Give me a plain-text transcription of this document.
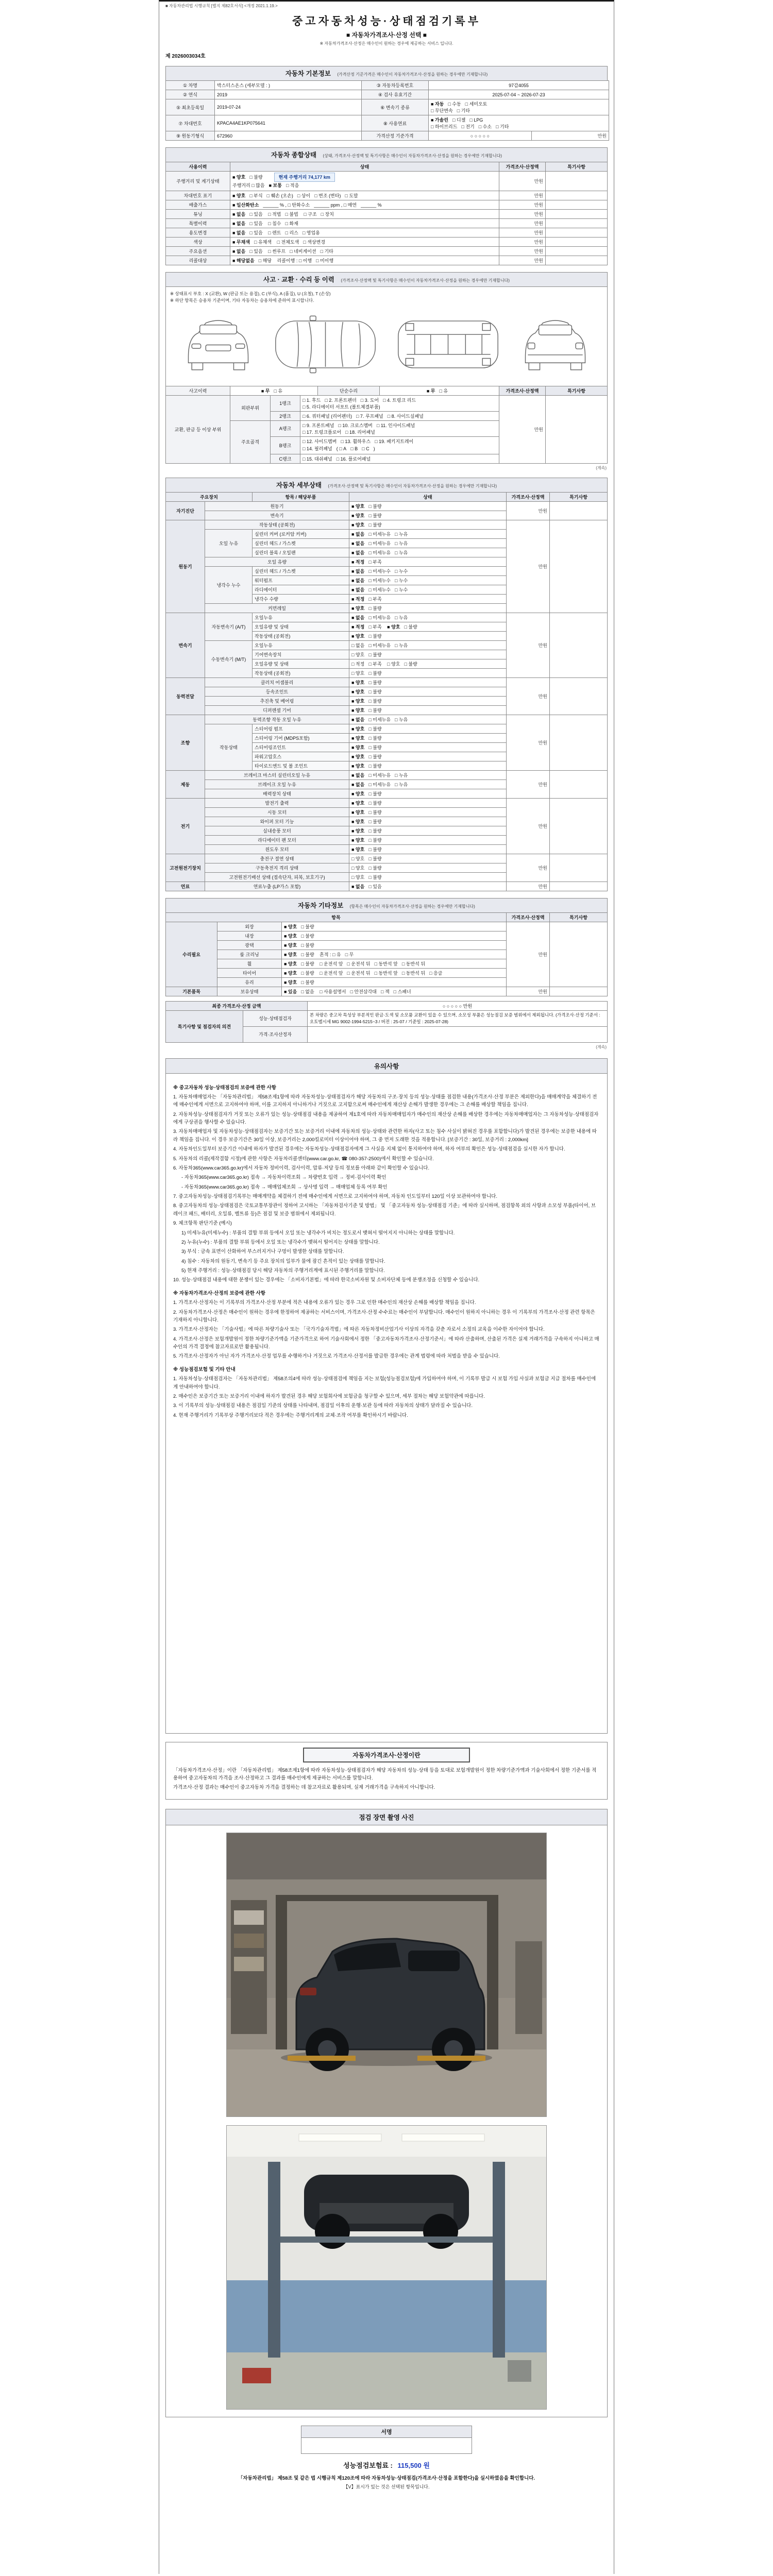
■ 자동차관리법 시행규칙 [별지 제82호서식] <개정 2021.1.19.>
중고자동차성능·상태점검기록부
■ 자동차가격조사·산정 선택 ■
※ 자동차가격조사·산정은 매수인이 원하는 경우에 제공하는 서비스 입니다.
제 2026003034호
자동차 기본정보 (가격산정 기준가격은 매수인이 자동차가격조사·산정을 원하는 경우에만 기재합니다)
① 차명	박스터스온스 (세부모델 : )	③ 자동차등록번호	97감4055	
② 연식	2019	④ 검사 유효기간	2025-07-04 ~ 2026-07-23	
⑤ 최초등록일	2019-07-24	⑥ 변속기 종류	■ 자동 □ 수동 □ 세미오토
□ 무단변속 □ 기타	
⑦ 차대번호	KPACA4AE1KP075641	⑧ 사용연료	■ 가솔린 □ 디젤 □ LPG
□ 하이브리드 □ 전기 □ 수소 □ 기타	
⑨ 원동기형식	672960	가격산정 기준가격	○ ○ ○ ○ ○	만원
자동차 종합상태 (상태, 가격조사·산정액 및 특기사항은 매수인이 자동차가격조사·산정을 원하는 경우에만 기재합니다)
사용이력	상태	가격조사·산정액	특기사항
주행거리 및 계기상태	■ 양호 □ 불량 현재 주행거리 74,177 km
주행거리 □ 많음 ■ 보통 □ 적음	만원	
차대번호 표기	■ 양호 □ 부식 □ 훼손 (오손) □ 상이 □ 변조 (변타) □ 도말	만원	
배출가스	■ 일산화탄소 ______ % , □ 탄화수소 ______ ppm , □ 매연 ______ %	만원	
튜닝	■ 없음 □ 있음 □ 적법 □ 불법 □ 구조 □ 장치	만원	
특별이력	■ 없음 □ 있음 □ 침수 □ 화재	만원	
용도변경	■ 없음 □ 있음 □ 렌트 □ 리스 □ 영업용	만원	
색상	■ 무채색 □ 유채색 □ 전체도색 □ 색상변경	만원	
주요옵션	■ 없음 □ 있음 □ 썬루프 □ 네비게이션 □ 기타	만원	
리콜대상	■ 해당없음 □ 해당 리콜이행 : □ 이행 □ 미이행	만원	
사고 · 교환 · 수리 등 이력 (가격조사·산정액 및 특기사항은 매수인이 자동차가격조사·산정을 원하는 경우에만 기재합니다)
※ 상태표시 부호 : X (교환), W (판금 또는 용접), C (부식), A (흠집), U (요철), T (손상)
※ 하단 항목은 승용차 기준이며, 기타 자동차는 승용차에 준하여 표시합니다.
사고이력	■ 무 □ 유	단순수리	■ 무 □ 유	가격조사·산정액	특기사항
교환, 판금 등 이상 부위	외판부위	1랭크	□ 1. 후드 □ 2. 프론트펜더 □ 3. 도어 □ 4. 트렁크 리드
□ 5. 라디에이터 서포트 (볼트체결부품)	만원	
		2랭크	□ 6. 쿼터패널 (리어펜더) □ 7. 루프패널 □ 8. 사이드실패널		
	주요골격	A랭크	□ 9. 프론트패널 □ 10. 크로스멤버 □ 11. 인사이드패널
□ 17. 트렁크플로어 □ 18. 리어패널		
		B랭크	□ 12. 사이드멤버 □ 13. 휠하우스 □ 19. 패키지트레이
□ 14. 필러패널 ( □ A □ B □ C )		

		C랭크	□ 15. 대쉬패널 □ 16. 플로어패널		
(계속)
자동차 세부상태 (가격조사·산정액 및 특기사항은 매수인이 자동차가격조사·산정을 원하는 경우에만 기재합니다)
주요장치		항목 / 해당부품	상태	가격조사·산정액	특기사항
자기진단	원동기		■ 양호 □ 불량	만원	
	변속기		■ 양호 □ 불량		
원동기	작동상태 (공회전)		■ 양호 □ 불량	만원	
	오일 누유	실린더 커버 (로커암 커버)	■ 없음 □ 미세누유 □ 누유		
		실린더 헤드 / 가스켓	■ 없음 □ 미세누유 □ 누유		
		실린더 블록 / 오일팬	■ 없음 □ 미세누유 □ 누유		
	오일 유량		■ 적정 □ 부족		
	냉각수 누수	실린더 헤드 / 가스켓	■ 없음 □ 미세누수 □ 누수		
		워터펌프	■ 없음 □ 미세누수 □ 누수		
		라디에이터	■ 없음 □ 미세누수 □ 누수		
		냉각수 수량	■ 적정 □ 부족		
	커먼레일		■ 양호 □ 불량		
변속기	자동변속기 (A/T)	오일누유	■ 없음 □ 미세누유 □ 누유	만원	
		오일유량 및 상태	■ 적정 □ 부족 ■ 양호 □ 불량		
		작동상태 (공회전)	■ 양호 □ 불량		
	수동변속기 (M/T)	오일누유	□ 없음 □ 미세누유 □ 누유		
		기어변속장치	□ 양호 □ 불량		
		오일유량 및 상태	□ 적정 □ 부족 □ 양호 □ 불량		
		작동상태 (공회전)	□ 양호 □ 불량		
동력전달	클러치 어셈블리		■ 양호 □ 불량	만원	
	등속조인트		■ 양호 □ 불량		
	추진축 및 베어링		■ 양호 □ 불량		
	디퍼렌셜 기어		■ 양호 □ 불량		
조향	동력조향 작동 오일 누유		■ 없음 □ 미세누유 □ 누유	만원	
	작동상태	스티어링 펌프	■ 양호 □ 불량		
		스티어링 기어 (MDPS포함)	■ 양호 □ 불량		
		스티어링조인트	■ 양호 □ 불량		
		파워고압호스	■ 양호 □ 불량		
		타이로드엔드 및 볼 조인트	■ 양호 □ 불량		
제동	브레이크 마스터 실린더오일 누유		■ 없음 □ 미세누유 □ 누유	만원	
	브레이크 오일 누유		■ 없음 □ 미세누유 □ 누유		
	배력장치 상태		■ 양호 □ 불량		
전기	발전기 출력		■ 양호 □ 불량	만원	
	시동 모터		■ 양호 □ 불량		
	와이퍼 모터 기능		■ 양호 □ 불량		
	실내송풍 모터		■ 양호 □ 불량		
	라디에이터 팬 모터		■ 양호 □ 불량		
	윈도우 모터		■ 양호 □ 불량		
고전원전기장치	충전구 절연 상태		□ 양호 □ 불량	만원	
	구동축전지 격리 상태		□ 양호 □ 불량		
	고전원전기배선 상태 (접속단자, 피복, 보호기구)		□ 양호 □ 불량		
연료	연료누출 (LP가스 포함)		■ 없음 □ 있음	만원	
자동차 기타정보 (항목은 매수인이 자동차가격조사·산정을 원하는 경우에만 기재합니다)
항목			가격조사·산정액	특기사항
수리필요	외장	■ 양호 □ 불량	만원	
	내장	■ 양호 □ 불량		
	광택	■ 양호 □ 불량		
	룸 크리닝	■ 양호 □ 불량 흔적 : □ 유 □ 무		
	휠	■ 양호 □ 불량 □ 운전석 앞 □ 운전석 뒤 □ 동반석 앞 □ 동반석 뒤		
	타이어	■ 양호 □ 불량 □ 운전석 앞 □ 운전석 뒤 □ 동반석 앞 □ 동반석 뒤 □ 응급		
	유리	■ 양호 □ 불량		
기본품목	보유상태	■ 있음 □ 없음 □ 사용설명서 □ 안전삼각대 □ 잭 □ 스패너	만원	
최종 가격조사·산정 금액		○ ○ ○ ○ ○ 만원
특기사항 및 점검자의 의견	성능·상태점검자	본 차량은 중고차 특성상 부분적인 판금·도색 및 소모품 교환이 있을 수 있으며, 소모성 부품은 성능점검 보증 범위에서 제외됩니다. (가격조사·산정 기준서 : 오토벨시세 MG 9002-1994-5215~3 / 버전 : 25-07 / 기준일 : 2025-07-28)
	가격·조사산정자	
(계속)
유의사항

※ 중고자동차 성능·상태점검의 보증에 관한 사항

1. 자동차매매업자는 「자동차관리법」 제58조제1항에 따라 자동차성능·상태점검자가 해당 자동차의 구조·장치 등의 성능·상태를 점검한 내용(가격조사·산정 부분은 제외한다)을 매매계약을 체결하기 전에 매수인에게 서면으로 고지하여야 하며, 이를 고지하지 아니하거나 거짓으로 고지함으로써 매수인에게 재산상 손해가 발생한 경우에는 그 손해를 배상할 책임을 집니다.

2. 자동차성능·상태점검자가 거짓 또는 오류가 있는 성능·상태점검 내용을 제공하여 제1호에 따라 자동차매매업자가 매수인의 재산상 손해를 배상한 경우에는 자동차매매업자는 그 자동차성능·상태점검자에게 구상권을 행사할 수 있습니다.

3. 자동차매매업자 및 자동차성능·상태점검자는 보증기간 또는 보증거리 이내에 자동차의 성능·상태와 관련한 하자(사고 또는 침수 사실이 밝혀진 경우를 포함합니다)가 발견된 경우에는 보증한 내용에 따라 책임을 집니다. 이 경우 보증기간은 30일 이상, 보증거리는 2,000킬로미터 이상이어야 하며, 그 중 먼저 도래한 것을 적용합니다. [보증기간 : 30일, 보증거리 : 2,000km]

4. 자동차인도일부터 보증기간 이내에 하자가 발견된 경우에는 자동차성능·상태점검자에게 그 사실을 지체 없이 통지하여야 하며, 하자 여부의 확인은 성능·상태점검을 실시한 자가 합니다.

5. 자동차의 리콜(제작결함 시정)에 관한 사항은 자동차리콜센터(www.car.go.kr, ☎ 080-357-2500)에서 확인할 수 있습니다.

6. 자동차365(www.car365.go.kr)에서 자동차 정비이력, 검사이력, 압류·저당 등의 정보를 아래와 같이 확인할 수 있습니다.

- 자동차365(www.car365.go.kr) 접속 → 자동차이력조회 → 차량번호 입력 → 정비·검사이력 확인

- 자동차365(www.car365.go.kr) 접속 → 매매업체조회 → 상사명 입력 → 매매업체 등록 여부 확인

7. 중고자동차성능·상태점검기록부는 매매계약을 체결하기 전에 매수인에게 서면으로 고지하여야 하며, 자동차 인도일부터 120일 이상 보관하여야 합니다.

8. 중고자동차의 성능·상태점검은 국토교통부장관이 정하여 고시하는 「자동차검사기준 및 방법」 및 「중고자동차 성능·상태점검 기준」에 따라 실시하며, 점검항목 외의 사항과 소모성 부품(타이어, 브레이크 패드, 배터리, 오일류, 벨트류 등)은 점검 및 보증 범위에서 제외됩니다.

9. 체크항목 판단기준 (예시)

1) 미세누유(미세누수) : 부품의 결합 부위 등에서 오일 또는 냉각수가 비치는 정도로서 맺혀서 떨어지지 아니하는 상태를 말합니다.

2) 누유(누수) : 부품의 결합 부위 등에서 오일 또는 냉각수가 맺혀서 떨어지는 상태를 말합니다.

3) 부식 : 금속 표면이 산화하여 부스러지거나 구멍이 발생한 상태를 말합니다.

4) 침수 : 자동차의 원동기, 변속기 등 주요 장치의 일부가 물에 잠긴 흔적이 있는 상태를 말합니다.

5) 현재 주행거리 : 성능·상태점검 당시 해당 자동차의 주행거리계에 표시된 주행거리를 말합니다.

10. 성능·상태점검 내용에 대한 분쟁이 있는 경우에는 「소비자기본법」에 따라 한국소비자원 및 소비자단체 등에 분쟁조정을 신청할 수 있습니다.

※ 자동차가격조사·산정의 보증에 관한 사항

1. 가격조사·산정자는 이 기록부의 가격조사·산정 부분에 적은 내용에 오류가 있는 경우 그로 인한 매수인의 재산상 손해를 배상할 책임을 집니다.

2. 자동차가격조사·산정은 매수인이 원하는 경우에 한정하여 제공하는 서비스이며, 가격조사·산정 수수료는 매수인이 부담합니다. 매수인이 원하지 아니하는 경우 이 기록부의 가격조사·산정 관련 항목은 기재하지 아니합니다.

3. 가격조사·산정자는 「기술사법」에 따른 차량기술사 또는 「국가기술자격법」에 따른 자동차정비산업기사 이상의 자격을 갖춘 자로서 소정의 교육을 이수한 자이어야 합니다.

4. 가격조사·산정은 보험개발원이 정한 차량기준가액을 기준가격으로 하여 기술사회에서 정한 「중고자동차가격조사·산정기준서」에 따라 산출하며, 산출된 가격은 실제 거래가격을 구속하지 아니하고 매수인의 가격 결정에 참고자료로만 활용됩니다.

5. 가격조사·산정자가 아닌 자가 가격조사·산정 업무를 수행하거나 거짓으로 가격조사·산정서를 발급한 경우에는 관계 법령에 따라 처벌을 받을 수 있습니다.

※ 성능점검보험 및 기타 안내

1. 자동차성능·상태점검자는 「자동차관리법」 제58조의4에 따라 성능·상태점검에 책임을 지는 보험(성능점검보험)에 가입하여야 하며, 이 기록부 발급 시 보험 가입 사실과 보험금 지급 절차를 매수인에게 안내하여야 합니다.

2. 매수인은 보증기간 또는 보증거리 이내에 하자가 발견된 경우 해당 보험회사에 보험금을 청구할 수 있으며, 세부 절차는 해당 보험약관에 따릅니다.

3. 이 기록부의 성능·상태점검 내용은 점검일 기준의 상태를 나타내며, 점검일 이후의 운행·보관 등에 따라 자동차의 상태가 달라질 수 있습니다.

4. 현재 주행거리가 기록부상 주행거리보다 적은 경우에는 주행거리계의 교체·조작 여부를 확인하시기 바랍니다.

자동차가격조사·산정이란

「자동차가격조사·산정」이란 「자동차관리법」 제58조제1항에 따라 자동차성능·상태점검자가 해당 자동차의 성능·상태 등을 토대로 보험개발원이 정한 차량기준가액과 기술사회에서 정한 기준서를 적용하여 중고자동차의 가격을 조사·산정하고 그 결과를 매수인에게 제공하는 서비스를 말합니다.

가격조사·산정 결과는 매수인이 중고자동차 가격을 결정하는 데 참고자료로 활용되며, 실제 거래가격을 구속하지 아니합니다.

점검 장면 촬영 사진
서명
성능점검보험료 : 115,500 원
「자동차관리법」 제58조 및 같은 법 시행규칙 제120조에 따라 자동차성능·상태점검(가격조사·산정을 포함한다)을 실시하였음을 확인합니다.
【V】표시가 있는 것은 선택된 항목입니다.
